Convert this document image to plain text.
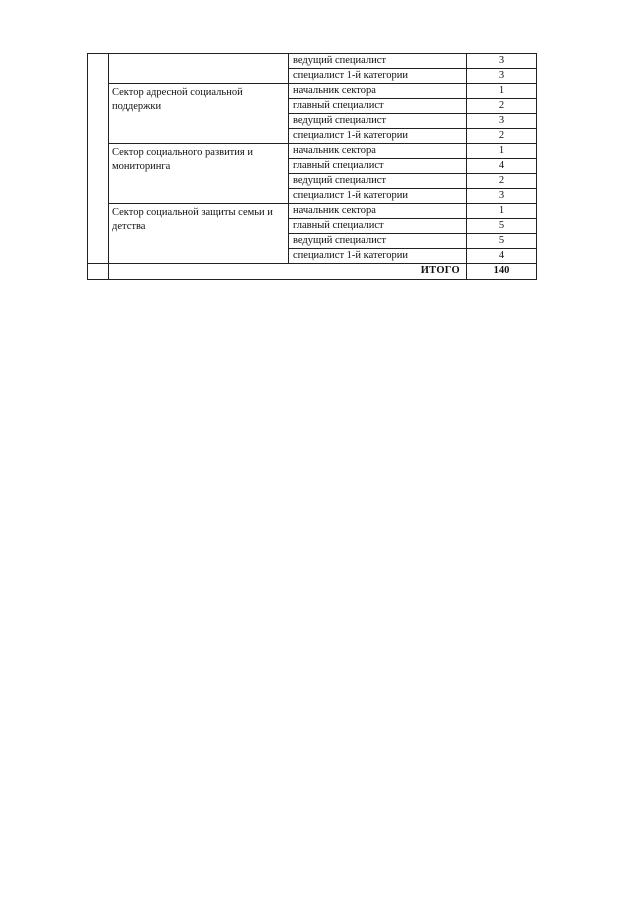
		ведущий специалист	3
		специалист 1-й категории	3
	Сектор адресной социальной поддержки	начальник сектора	1
		главный специалист	2
		ведущий специалист	3
		специалист 1-й категории	2
	Сектор социального развития и мониторинга	начальник сектора	1
		главный специалист	4
		ведущий специалист	2
		специалист 1-й категории	3
	Сектор социальной защиты семьи и детства	начальник сектора	1
		главный специалист	5
		ведущий специалист	5
		специалист 1-й категории	4
	ИТОГО		140
